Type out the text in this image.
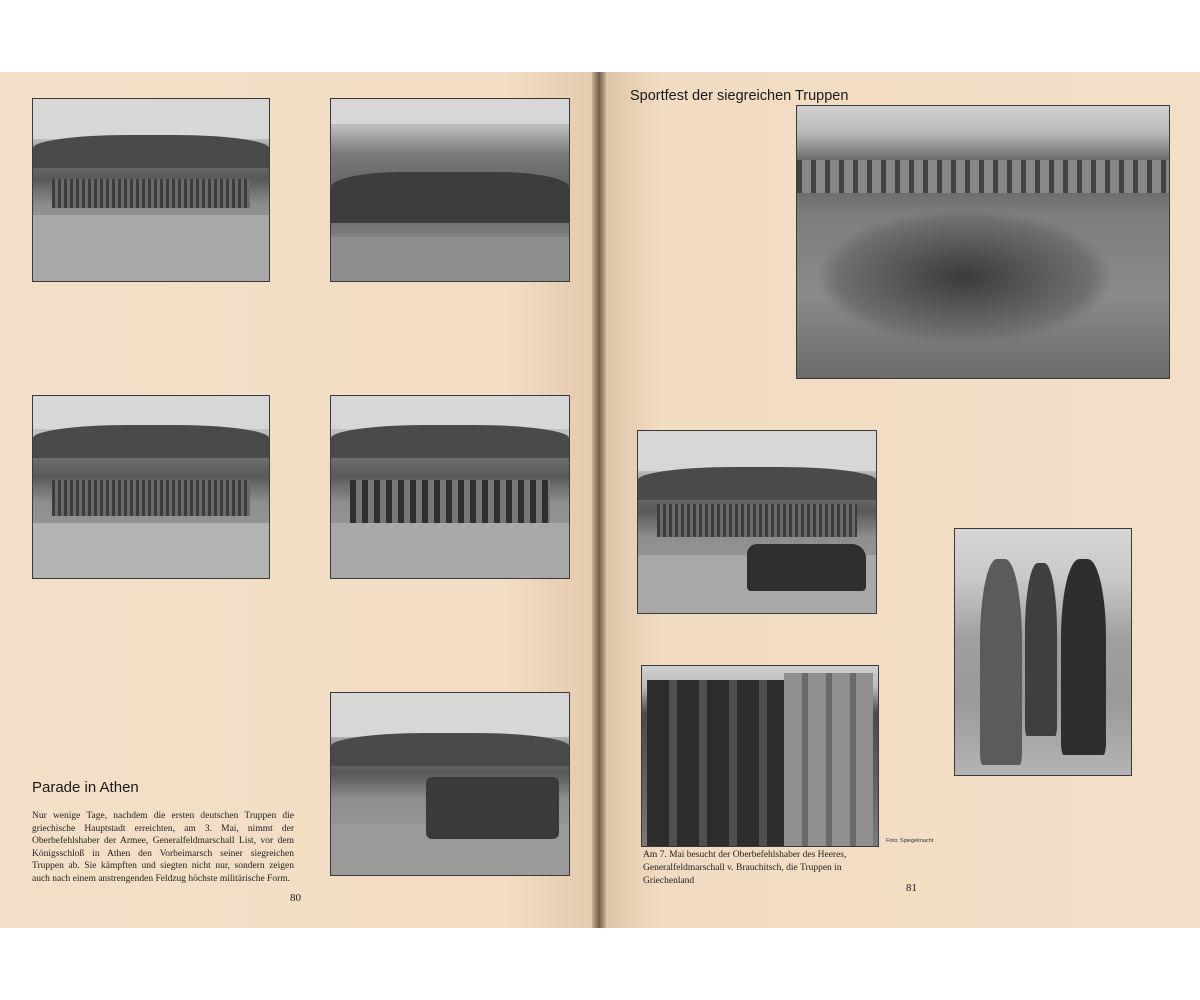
Parade in Athen
Nur wenige Tage, nachdem die ersten deutschen Truppen die griechische Hauptstadt erreichten, am 3. Mai, nimmt der Oberbefehlshaber der Armee, Generalfeldmarschall List, vor dem Königsschloß in Athen den Vorbeimarsch seiner siegreichen Truppen ab. Sie kämpften und siegten nicht nur, sondern zeigen auch nach einem anstrengenden Feldzug höchste militärische Form.
80
Sportfest der siegreichen Truppen
Foto: Spiegelmacht
Am 7. Mai besucht der Oberbefehlshaber des Heeres, Generalfeldmarschall v. Brauchitsch, die Truppen in Griechenland
81
